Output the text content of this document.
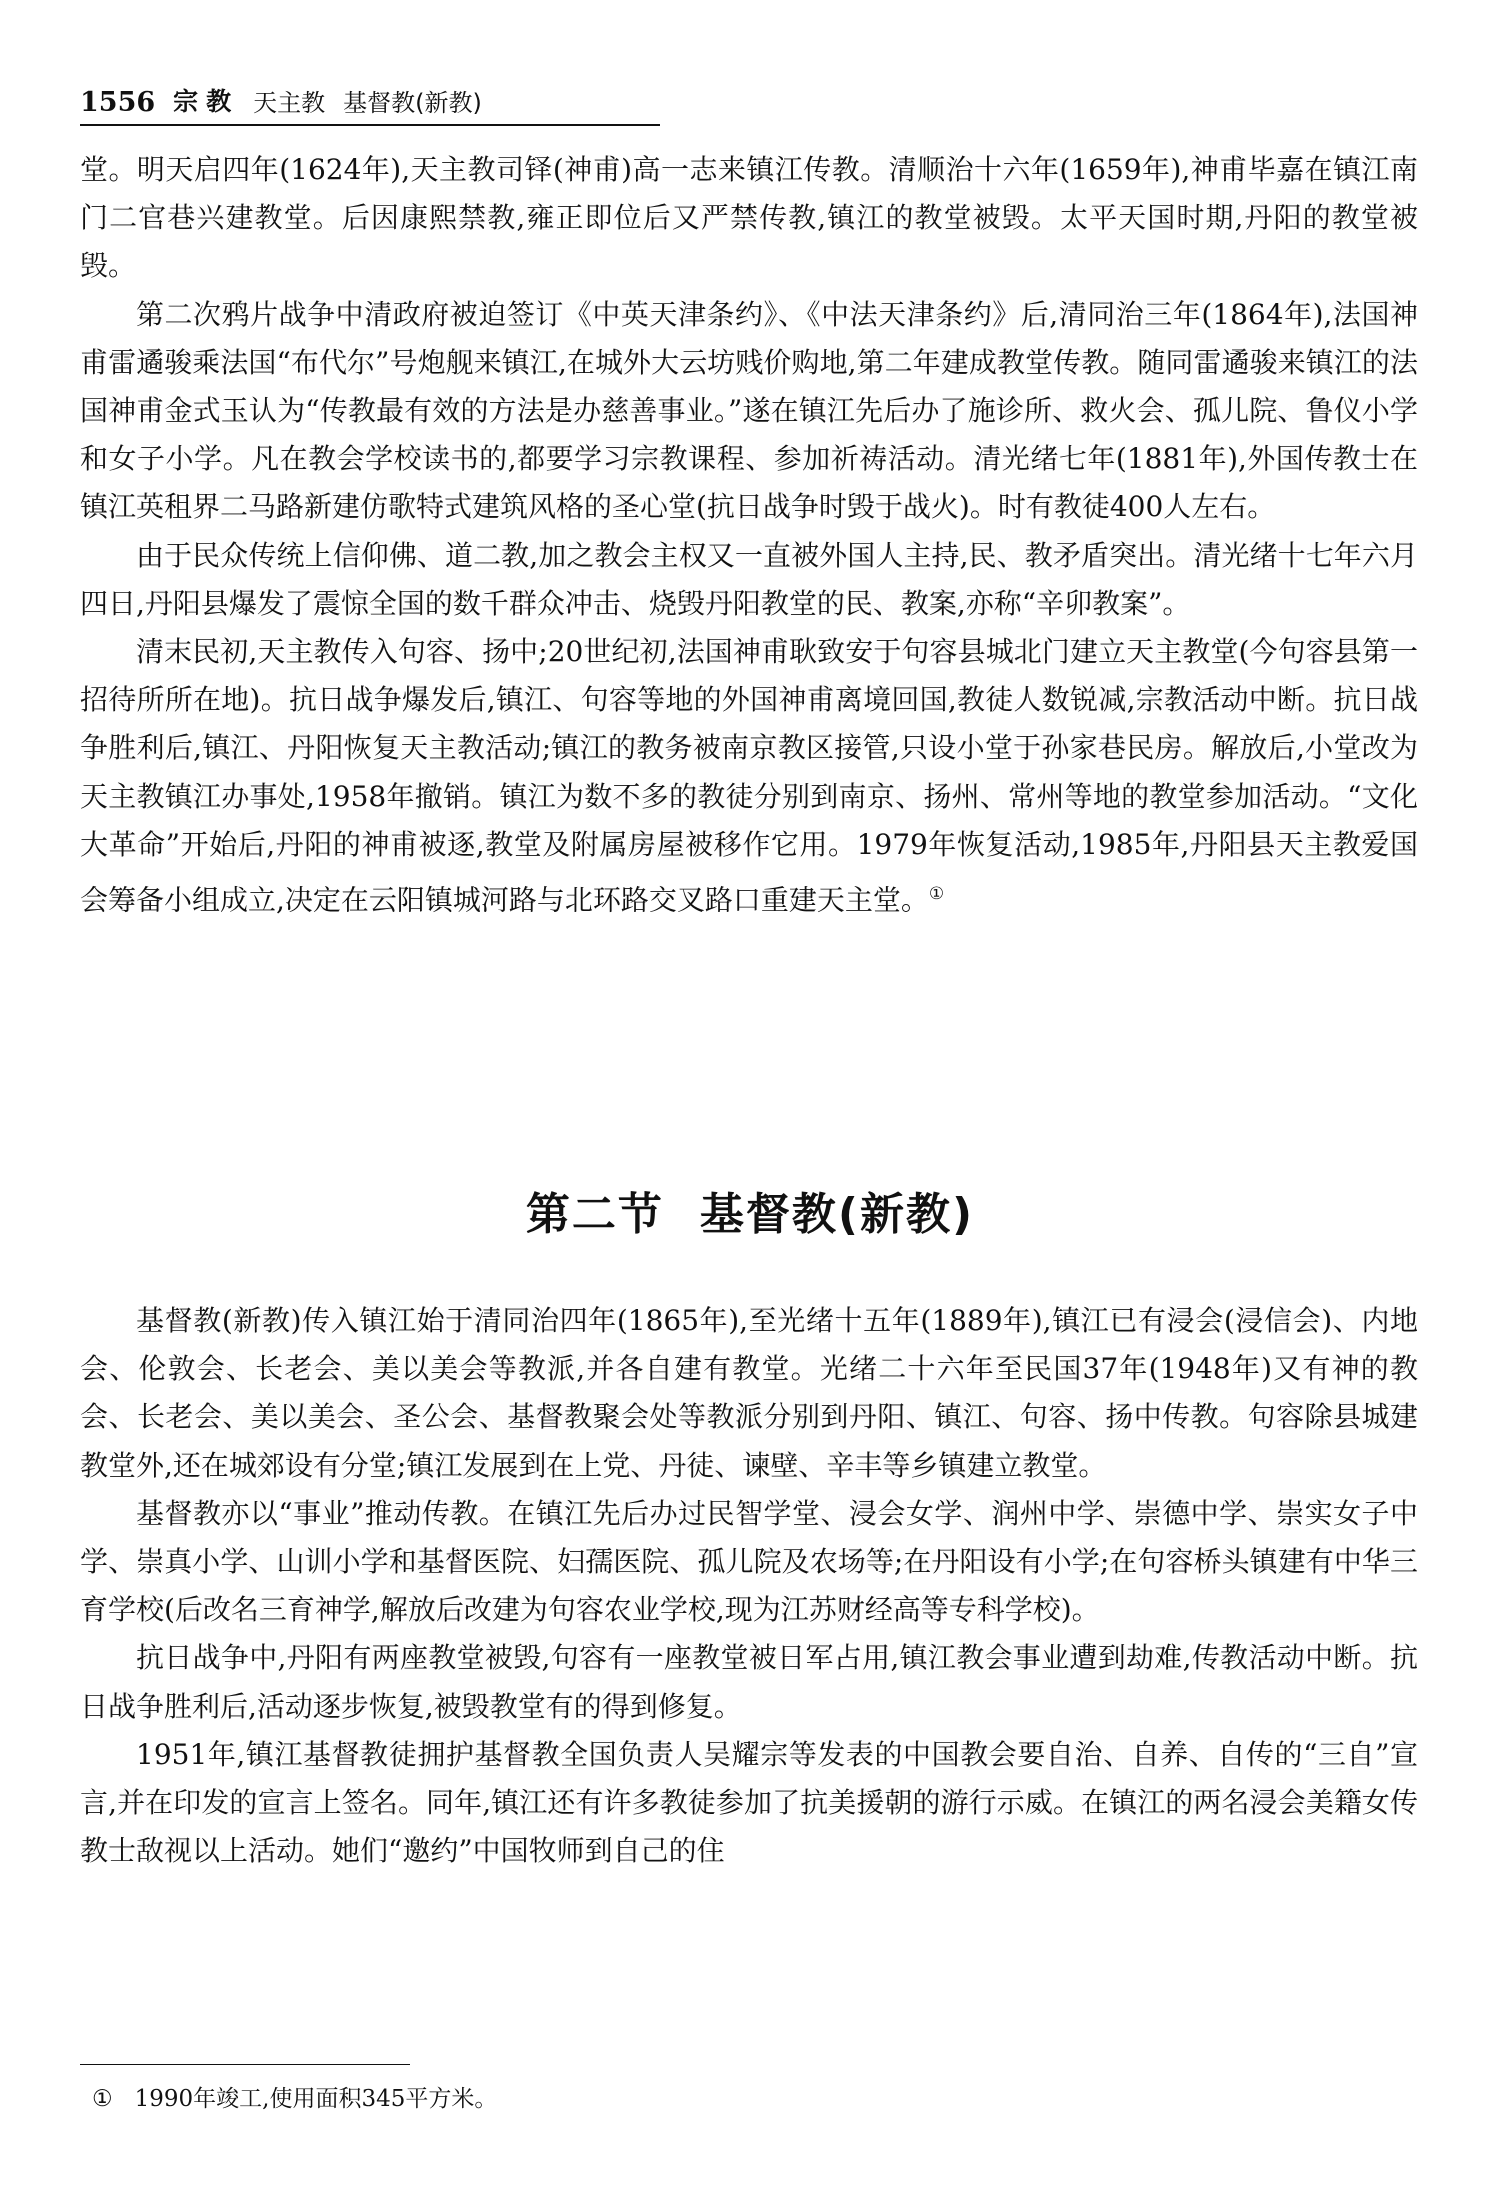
1556 宗教 天主教 基督教(新教)

堂。明天启四年(1624年),天主教司铎(神甫)高一志来镇江传教。清顺治十六年(1659年),神甫毕嘉在镇江南门二官巷兴建教堂。后因康熙禁教,雍正即位后又严禁传教,镇江的教堂被毁。太平天国时期,丹阳的教堂被毁。

第二次鸦片战争中清政府被迫签订《中英天津条约》、《中法天津条约》后,清同治三年(1864年),法国神甫雷遹骏乘法国“布代尔”号炮舰来镇江,在城外大云坊贱价购地,第二年建成教堂传教。随同雷遹骏来镇江的法国神甫金式玉认为“传教最有效的方法是办慈善事业。”遂在镇江先后办了施诊所、救火会、孤儿院、鲁仪小学和女子小学。凡在教会学校读书的,都要学习宗教课程、参加祈祷活动。清光绪七年(1881年),外国传教士在镇江英租界二马路新建仿歌特式建筑风格的圣心堂(抗日战争时毁于战火)。时有教徒400人左右。

由于民众传统上信仰佛、道二教,加之教会主权又一直被外国人主持,民、教矛盾突出。清光绪十七年六月四日,丹阳县爆发了震惊全国的数千群众冲击、烧毁丹阳教堂的民、教案,亦称“辛卯教案”。

清末民初,天主教传入句容、扬中;20世纪初,法国神甫耿致安于句容县城北门建立天主教堂(今句容县第一招待所所在地)。抗日战争爆发后,镇江、句容等地的外国神甫离境回国,教徒人数锐减,宗教活动中断。抗日战争胜利后,镇江、丹阳恢复天主教活动;镇江的教务被南京教区接管,只设小堂于孙家巷民房。解放后,小堂改为天主教镇江办事处,1958年撤销。镇江为数不多的教徒分别到南京、扬州、常州等地的教堂参加活动。“文化大革命”开始后,丹阳的神甫被逐,教堂及附属房屋被移作它用。1979年恢复活动,1985年,丹阳县天主教爱国会筹备小组成立,决定在云阳镇城河路与北环路交叉路口重建天主堂。①

第二节 基督教(新教)

基督教(新教)传入镇江始于清同治四年(1865年),至光绪十五年(1889年),镇江已有浸会(浸信会)、内地会、伦敦会、长老会、美以美会等教派,并各自建有教堂。光绪二十六年至民国37年(1948年)又有神的教会、长老会、美以美会、圣公会、基督教聚会处等教派分别到丹阳、镇江、句容、扬中传教。句容除县城建教堂外,还在城郊设有分堂;镇江发展到在上党、丹徒、谏壁、辛丰等乡镇建立教堂。

基督教亦以“事业”推动传教。在镇江先后办过民智学堂、浸会女学、润州中学、崇德中学、崇实女子中学、崇真小学、山训小学和基督医院、妇孺医院、孤儿院及农场等;在丹阳设有小学;在句容桥头镇建有中华三育学校(后改名三育神学,解放后改建为句容农业学校,现为江苏财经高等专科学校)。

抗日战争中,丹阳有两座教堂被毁,句容有一座教堂被日军占用,镇江教会事业遭到劫难,传教活动中断。抗日战争胜利后,活动逐步恢复,被毁教堂有的得到修复。

1951年,镇江基督教徒拥护基督教全国负责人吴耀宗等发表的中国教会要自治、自养、自传的“三自”宣言,并在印发的宣言上签名。同年,镇江还有许多教徒参加了抗美援朝的游行示威。在镇江的两名浸会美籍女传教士敌视以上活动。她们“邀约”中国牧师到自己的住

① 1990年竣工,使用面积345平方米。
